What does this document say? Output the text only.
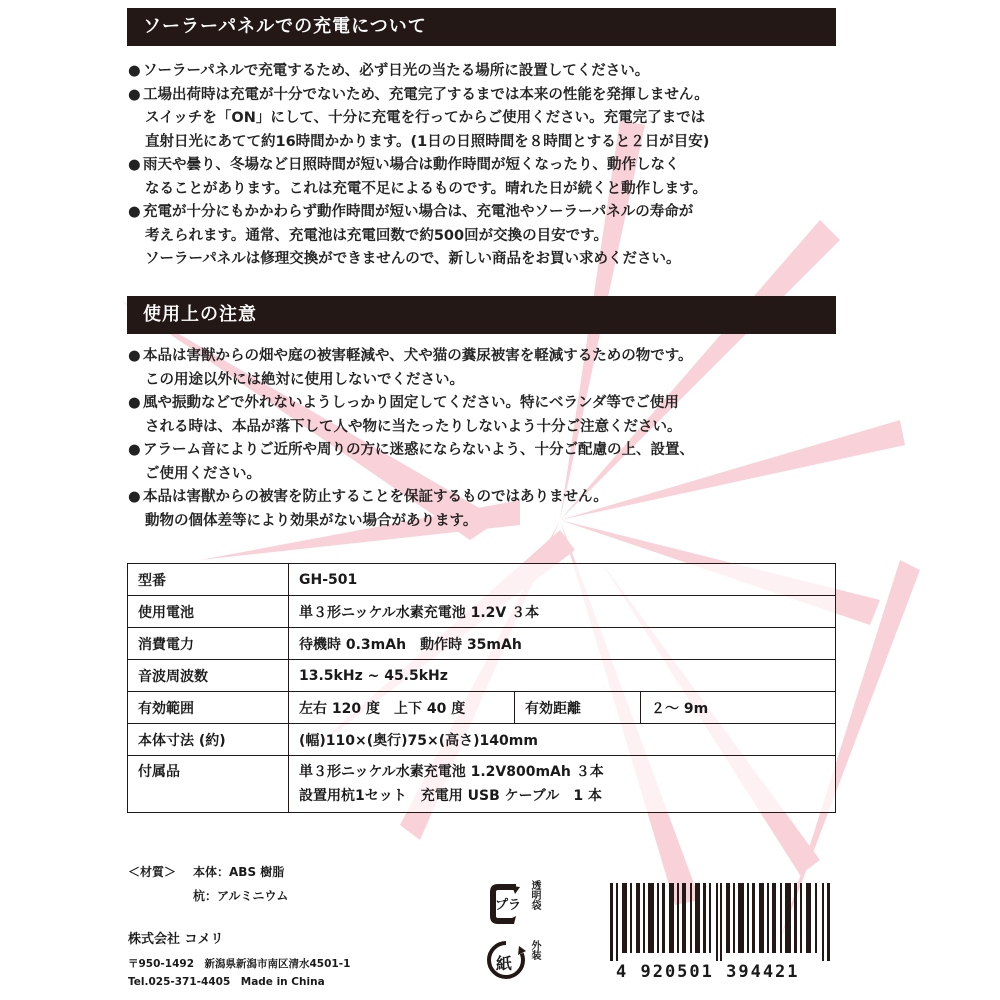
ソーラーパネルでの充電について

● ソーラーパネルで充電するため、必ず日光の当たる場所に設置してください。

● 工場出荷時は充電が十分でないため、充電完了するまでは本来の性能を発揮しません。
スイッチを「ON」にして、十分に充電を行ってからご使用ください。充電完了までは
直射日光にあてて約16時間かかります。(1日の日照時間を８時間とすると２日が目安)

● 雨天や曇り、冬場など日照時間が短い場合は動作時間が短くなったり、動作しなく
なることがあります。これは充電不足によるものです。晴れた日が続くと動作します。

● 充電が十分にもかかわらず動作時間が短い場合は、充電池やソーラーパネルの寿命が
考えられます。通常、充電池は充電回数で約500回が交換の目安です。
ソーラーパネルは修理交換ができませんので、新しい商品をお買い求めください。

使用上の注意

● 本品は害獣からの畑や庭の被害軽減や、犬や猫の糞尿被害を軽減するための物です。
この用途以外には絶対に使用しないでください。

● 風や振動などで外れないようしっかり固定してください。特にベランダ等でご使用
される時は、本品が落下して人や物に当たったりしないよう十分ご注意ください。

● アラーム音によりご近所や周りの方に迷惑にならないよう、十分ご配慮の上、設置、
ご使用ください。

● 本品は害獣からの被害を防止することを保証するものではありません。
動物の個体差等により効果がない場合があります。

型番	GH-501		
使用電池	単３形ニッケル水素充電池 1.2V ３本		
消費電力	待機時 0.3mAh　動作時 35mAh		
音波周波数	13.5kHz ~ 45.5kHz		
有効範囲	左右 120 度　上下 40 度	有効距離	２～ 9m
本体寸法 (約)	(幅)110×(奥行)75×(高さ)140mm		
付属品	単３形ニッケル水素充電池 1.2V800mAh ３本
設置用杭1セット　充電用 USB ケーブル　1 本		
＜材質＞	本体： ABS 樹脂
杭： アルミニウム
株式会社 コメリ
〒950-1492　新潟県新潟市南区清水4501-1
Tel.025-371-4405　Made in China
プラ 透明袋
紙
外装
4 920501 394421
